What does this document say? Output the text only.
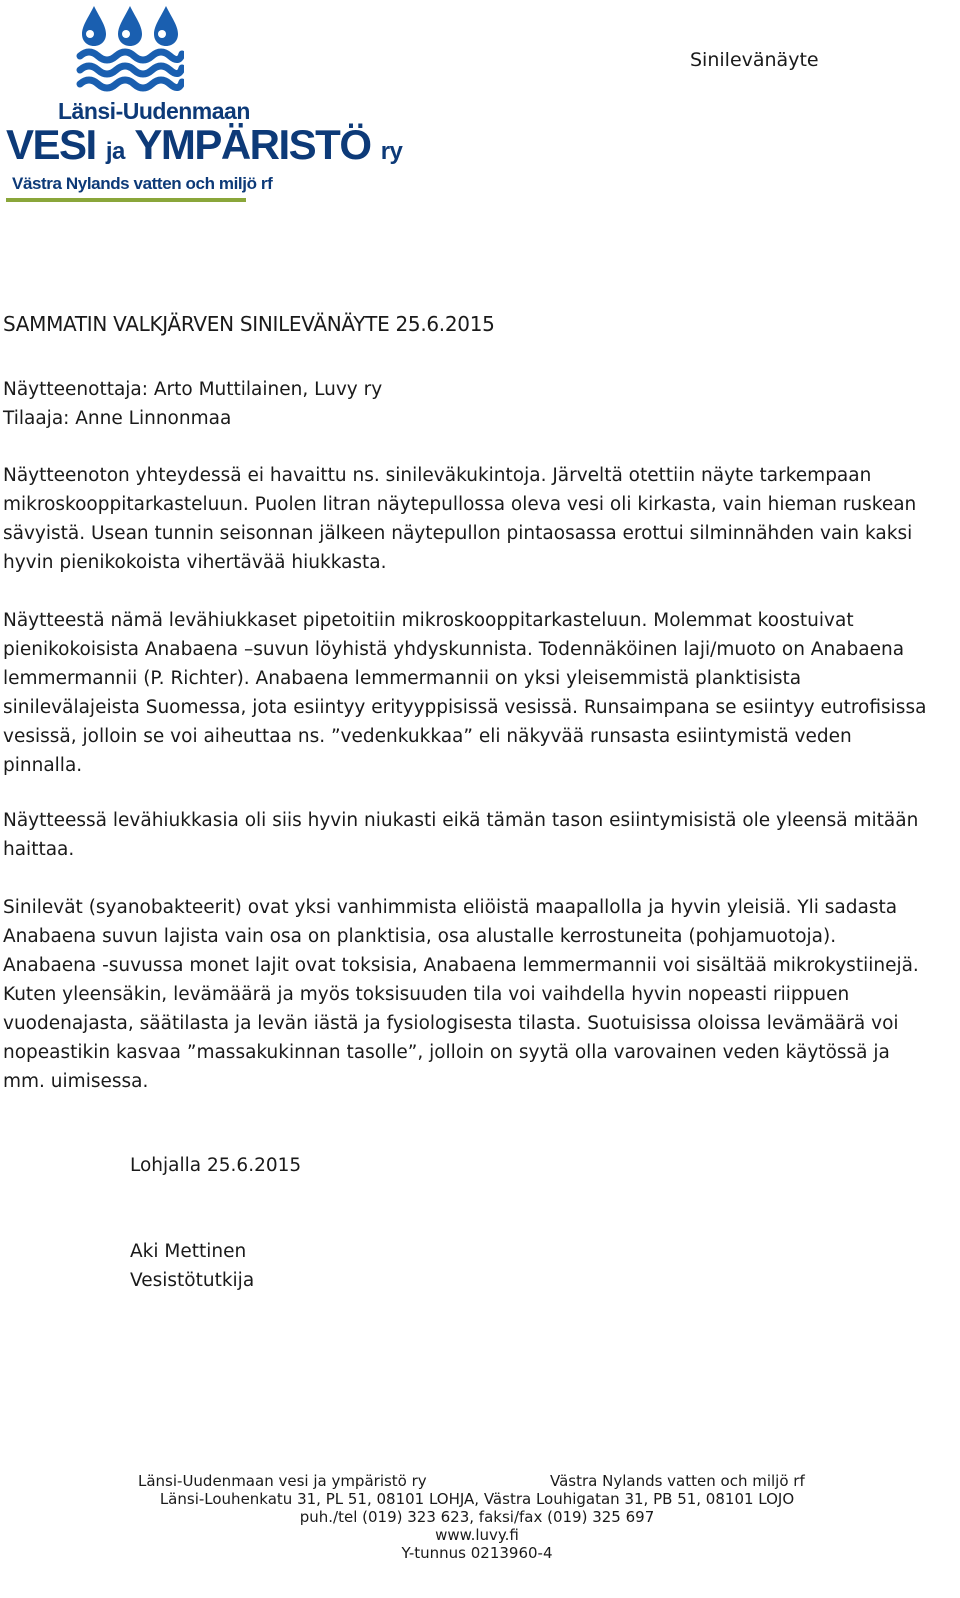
Länsi-Uudenmaan
VESI ja YMPÄRISTÖ ry
Västra Nylands vatten och miljö rf
Sinilevänäyte
SAMMATIN VALKJÄRVEN SINILEVÄNÄYTE 25.6.2015
Näytteenottaja: Arto Muttilainen, Luvy ry
Tilaaja: Anne Linnonmaa
Näytteenoton yhteydessä ei havaittu ns. sinileväkukintoja. Järveltä otettiin näyte tarkempaan
mikroskooppitarkasteluun. Puolen litran näytepullossa oleva vesi oli kirkasta, vain hieman ruskean
sävyistä. Usean tunnin seisonnan jälkeen näytepullon pintaosassa erottui silminnähden vain kaksi
hyvin pienikokoista vihertävää hiukkasta.
Näytteestä nämä levähiukkaset pipetoitiin mikroskooppitarkasteluun. Molemmat koostuivat
pienikokoisista Anabaena –suvun löyhistä yhdyskunnista. Todennäköinen laji/muoto on Anabaena
lemmermannii (P. Richter). Anabaena lemmermannii on yksi yleisemmistä planktisista
sinilevälajeista Suomessa, jota esiintyy erityyppisissä vesissä. Runsaimpana se esiintyy eutrofisissa
vesissä, jolloin se voi aiheuttaa ns. ”vedenkukkaa” eli näkyvää runsasta esiintymistä veden
pinnalla.
Näytteessä levähiukkasia oli siis hyvin niukasti eikä tämän tason esiintymisistä ole yleensä mitään
haittaa.
Sinilevät (syanobakteerit) ovat yksi vanhimmista eliöistä maapallolla ja hyvin yleisiä. Yli sadasta
Anabaena suvun lajista vain osa on planktisia, osa alustalle kerrostuneita (pohjamuotoja).
Anabaena -suvussa monet lajit ovat toksisia, Anabaena lemmermannii voi sisältää mikrokystiinejä.
Kuten yleensäkin, levämäärä ja myös toksisuuden tila voi vaihdella hyvin nopeasti riippuen
vuodenajasta, säätilasta ja levän iästä ja fysiologisesta tilasta. Suotuisissa oloissa levämäärä voi
nopeastikin kasvaa ”massakukinnan tasolle”, jolloin on syytä olla varovainen veden käytössä ja
mm. uimisessa.
Lohjalla 25.6.2015
Aki Mettinen
Vesistötutkija
Länsi-Uudenmaan vesi ja ympäristö ry	Västra Nylands vatten och miljö rf
Länsi-Louhenkatu 31, PL 51, 08101 LOHJA, Västra Louhigatan 31, PB 51, 08101 LOJO
puh./tel (019) 323 623, faksi/fax (019) 325 697
www.luvy.fi
Y-tunnus 0213960-4
